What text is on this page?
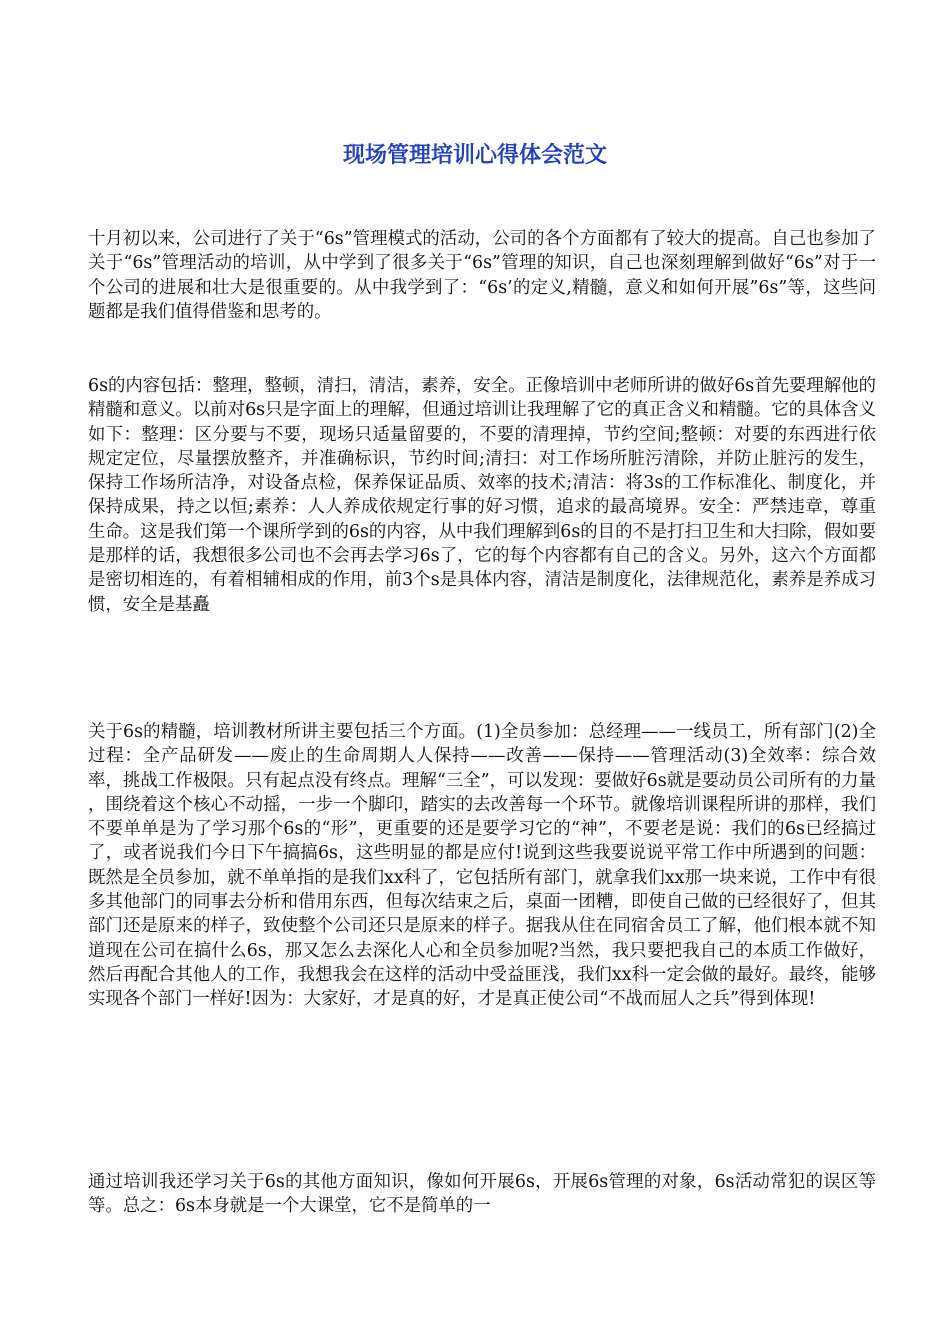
现场管理培训心得体会范文

十月初以来，公司进行了关于“6s”管理模式的活动，公司的各个方面都有了较大的提高。自己也参加了关于“6s”管理活动的培训，从中学到了很多关于“6s”管理的知识，自己也深刻理解到做好“6s”对于一个公司的进展和壮大是很重要的。从中我学到了：“6s’的定义,精髓，意义和如何开展”6s”等，这些问题都是我们值得借鉴和思考的。

6s的内容包括：整理，整顿，清扫，清洁，素养，安全。正像培训中老师所讲的做好6s首先要理解他的精髓和意义。以前对6s只是字面上的理解，但通过培训让我理解了它的真正含义和精髓。它的具体含义如下：整理：区分要与不要，现场只适量留要的，不要的清理掉，节约空间;整顿：对要的东西进行依规定定位，尽量摆放整齐，并准确标识，节约时间;清扫：对工作场所脏污清除，并防止脏污的发生，保持工作场所洁净，对设备点检，保养保证品质、效率的技术;清洁：将3s的工作标准化、制度化，并保持成果，持之以恒;素养：人人养成依规定行事的好习惯，追求的最高境界。安全：严禁违章，尊重生命。这是我们第一个课所学到的6s的内容，从中我们理解到6s的目的不是打扫卫生和大扫除，假如要是那样的话，我想很多公司也不会再去学习6s了，它的每个内容都有自己的含义。另外，这六个方面都是密切相连的，有着相辅相成的作用，前3个s是具体内容，清洁是制度化，法律规范化，素养是养成习惯，安全是基矗

关于6s的精髓，培训教材所讲主要包括三个方面。(1)全员参加：总经理——一线员工，所有部门(2)全过程：全产品研发——废止的生命周期人人保持——改善——保持——管理活动(3)全效率：综合效率，挑战工作极限。只有起点没有终点。理解“三全”，可以发现：要做好6s就是要动员公司所有的力量 ，围绕着这个核心不动摇，一步一个脚印，踏实的去改善每一个环节。就像培训课程所讲的那样，我们不要单单是为了学习那个6s的“形”，更重要的还是要学习它的“神”，不要老是说：我们的6s已经搞过了，或者说我们今日下午搞搞6s，这些明显的都是应付!说到这些我要说说平常工作中所遇到的问题：既然是全员参加，就不单单指的是我们xx科了，它包括所有部门，就拿我们xx那一块来说，工作中有很多其他部门的同事去分析和借用东西，但每次结束之后，桌面一团糟，即使自己做的已经很好了，但其部门还是原来的样子，致使整个公司还只是原来的样子。据我从住在同宿舍员工了解，他们根本就不知道现在公司在搞什么6s，那又怎么去深化人心和全员参加呢?当然，我只要把我自己的本质工作做好，然后再配合其他人的工作，我想我会在这样的活动中受益匪浅，我们xx科一定会做的最好。最终，能够实现各个部门一样好!因为：大家好，才是真的好，才是真正使公司“不战而屈人之兵”得到体现!

通过培训我还学习关于6s的其他方面知识，像如何开展6s，开展6s管理的对象，6s活动常犯的误区等等。总之：6s本身就是一个大课堂，它不是简单的一
